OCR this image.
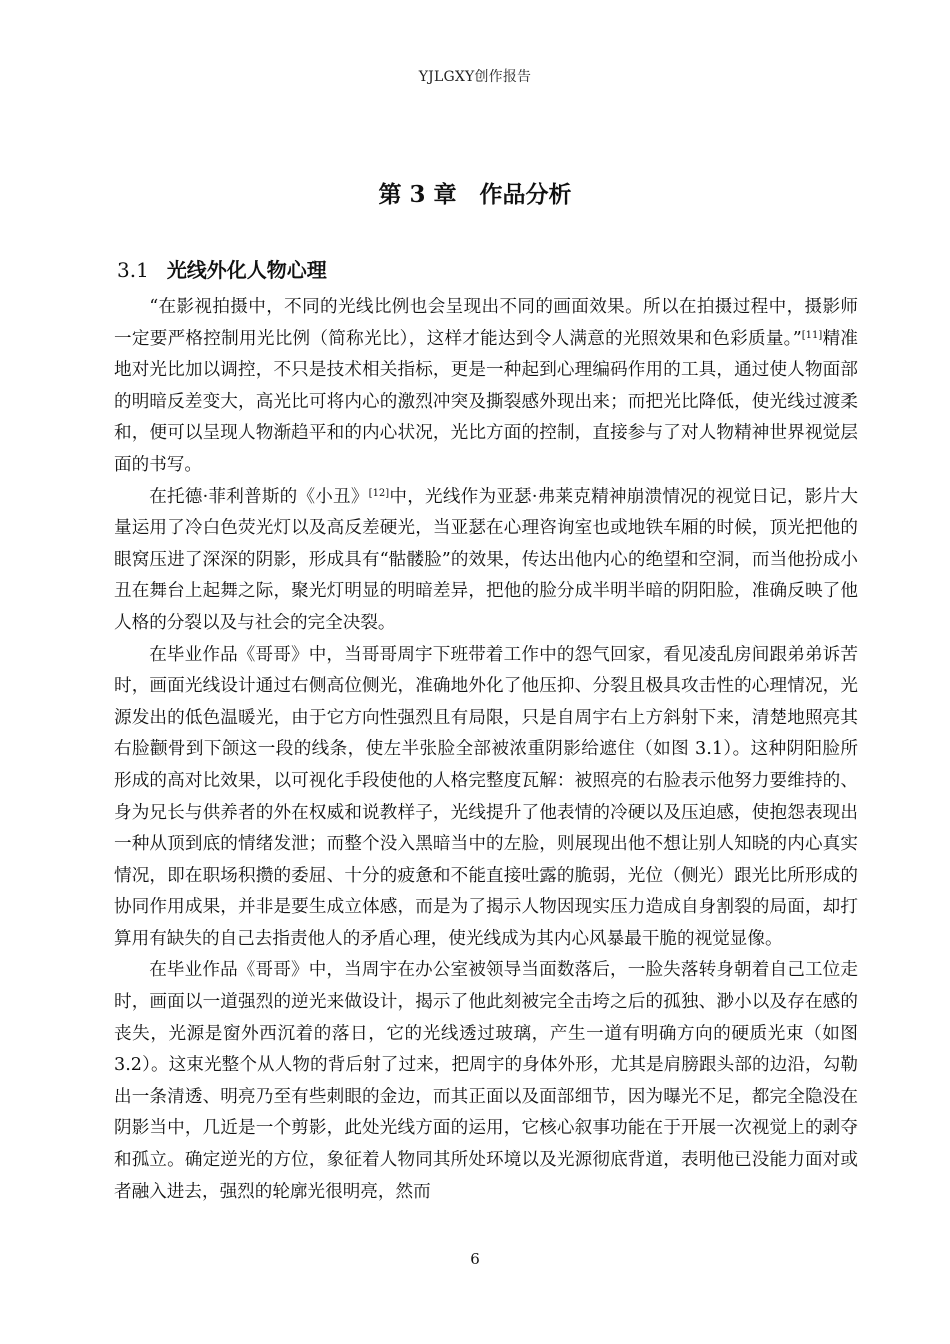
YJLGXY创作报告
第 3 章　作品分析
3.1 光线外化人物心理

“在影视拍摄中，不同的光线比例也会呈现出不同的画面效果。所以在拍摄过程中，摄影师一定要严格控制用光比例（简称光比），这样才能达到令人满意的光照效果和色彩质量。”[11]精准地对光比加以调控，不只是技术相关指标，更是一种起到心理编码作用的工具，通过使人物面部的明暗反差变大，高光比可将内心的激烈冲突及撕裂感外现出来；而把光比降低，使光线过渡柔和，便可以呈现人物渐趋平和的内心状况，光比方面的控制，直接参与了对人物精神世界视觉层面的书写。

在托德·菲利普斯的《小丑》[12]中，光线作为亚瑟·弗莱克精神崩溃情况的视觉日记，影片大量运用了冷白色荧光灯以及高反差硬光，当亚瑟在心理咨询室也或地铁车厢的时候，顶光把他的眼窝压进了深深的阴影，形成具有“骷髅脸”的效果，传达出他内心的绝望和空洞，而当他扮成小丑在舞台上起舞之际，聚光灯明显的明暗差异，把他的脸分成半明半暗的阴阳脸，准确反映了他人格的分裂以及与社会的完全决裂。

在毕业作品《哥哥》中，当哥哥周宇下班带着工作中的怨气回家，看见凌乱房间跟弟弟诉苦时，画面光线设计通过右侧高位侧光，准确地外化了他压抑、分裂且极具攻击性的心理情况，光源发出的低色温暖光，由于它方向性强烈且有局限，只是自周宇右上方斜射下来，清楚地照亮其右脸颧骨到下颌这一段的线条，使左半张脸全部被浓重阴影给遮住（如图 3.1）。这种阴阳脸所形成的高对比效果，以可视化手段使他的人格完整度瓦解：被照亮的右脸表示他努力要维持的、身为兄长与供养者的外在权威和说教样子，光线提升了他表情的冷硬以及压迫感，使抱怨表现出一种从顶到底的情绪发泄；而整个没入黑暗当中的左脸，则展现出他不想让别人知晓的内心真实情况，即在职场积攒的委屈、十分的疲惫和不能直接吐露的脆弱，光位（侧光）跟光比所形成的协同作用成果，并非是要生成立体感，而是为了揭示人物因现实压力造成自身割裂的局面，却打算用有缺失的自己去指责他人的矛盾心理，使光线成为其内心风暴最干脆的视觉显像。

在毕业作品《哥哥》中，当周宇在办公室被领导当面数落后，一脸失落转身朝着自己工位走时，画面以一道强烈的逆光来做设计，揭示了他此刻被完全击垮之后的孤独、渺小以及存在感的丧失，光源是窗外西沉着的落日，它的光线透过玻璃，产生一道有明确方向的硬质光束（如图 3.2）。这束光整个从人物的背后射了过来，把周宇的身体外形，尤其是肩膀跟头部的边沿，勾勒出一条清透、明亮乃至有些刺眼的金边，而其正面以及面部细节，因为曝光不足，都完全隐没在阴影当中，几近是一个剪影，此处光线方面的运用，它核心叙事功能在于开展一次视觉上的剥夺和孤立。确定逆光的方位，象征着人物同其所处环境以及光源彻底背道，表明他已没能力面对或者融入进去，强烈的轮廓光很明亮，然而

6
